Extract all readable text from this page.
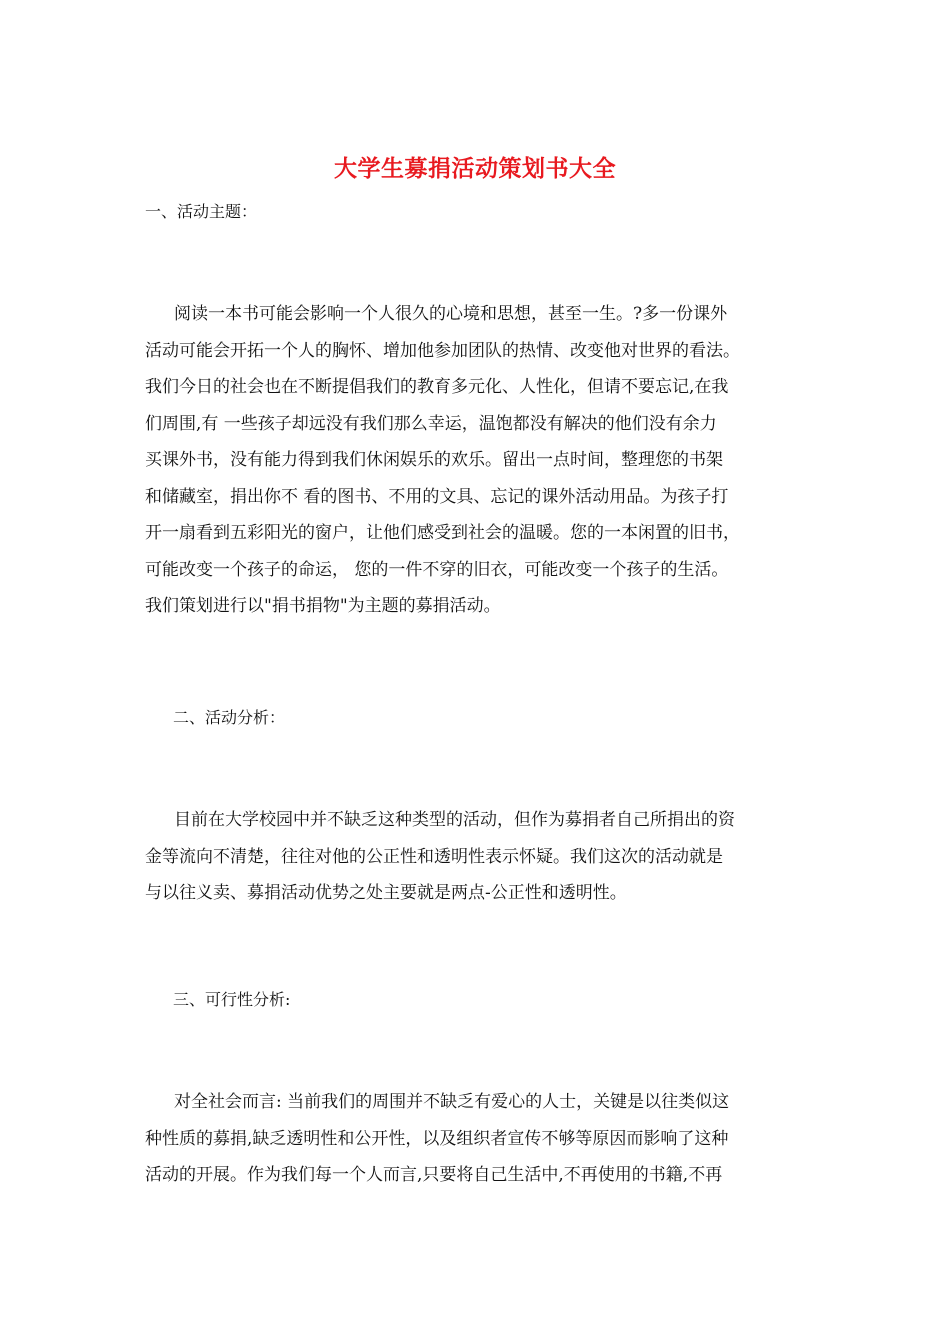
大学生募捐活动策划书大全
一、活动主题：
阅读一本书可能会影响一个人很久的心境和思想，甚至一生。?多一份课外
活动可能会开拓一个人的胸怀、增加他参加团队的热情、改变他对世界的看法。
我们今日的社会也在不断提倡我们的教育多元化、人性化，但请不要忘记,在我
们周围,有 一些孩子却远没有我们那么幸运，温饱都没有解决的他们没有余力
买课外书，没有能力得到我们休闲娱乐的欢乐。留出一点时间，整理您的书架
和储藏室，捐出你不 看的图书、不用的文具、忘记的课外活动用品。为孩子打
开一扇看到五彩阳光的窗户，让他们感受到社会的温暖。您的一本闲置的旧书，
可能改变一个孩子的命运， 您的一件不穿的旧衣，可能改变一个孩子的生活。
我们策划进行以"捐书捐物"为主题的募捐活动。
二、活动分析：
目前在大学校园中并不缺乏这种类型的活动，但作为募捐者自己所捐出的资
金等流向不清楚，往往对他的公正性和透明性表示怀疑。我们这次的活动就是
与以往义卖、募捐活动优势之处主要就是两点-公正性和透明性。
三、可行性分析:
对全社会而言: 当前我们的周围并不缺乏有爱心的人士，关键是以往类似这
种性质的募捐,缺乏透明性和公开性，以及组织者宣传不够等原因而影响了这种
活动的开展。作为我们每一个人而言,只要将自己生活中,不再使用的书籍,不再
